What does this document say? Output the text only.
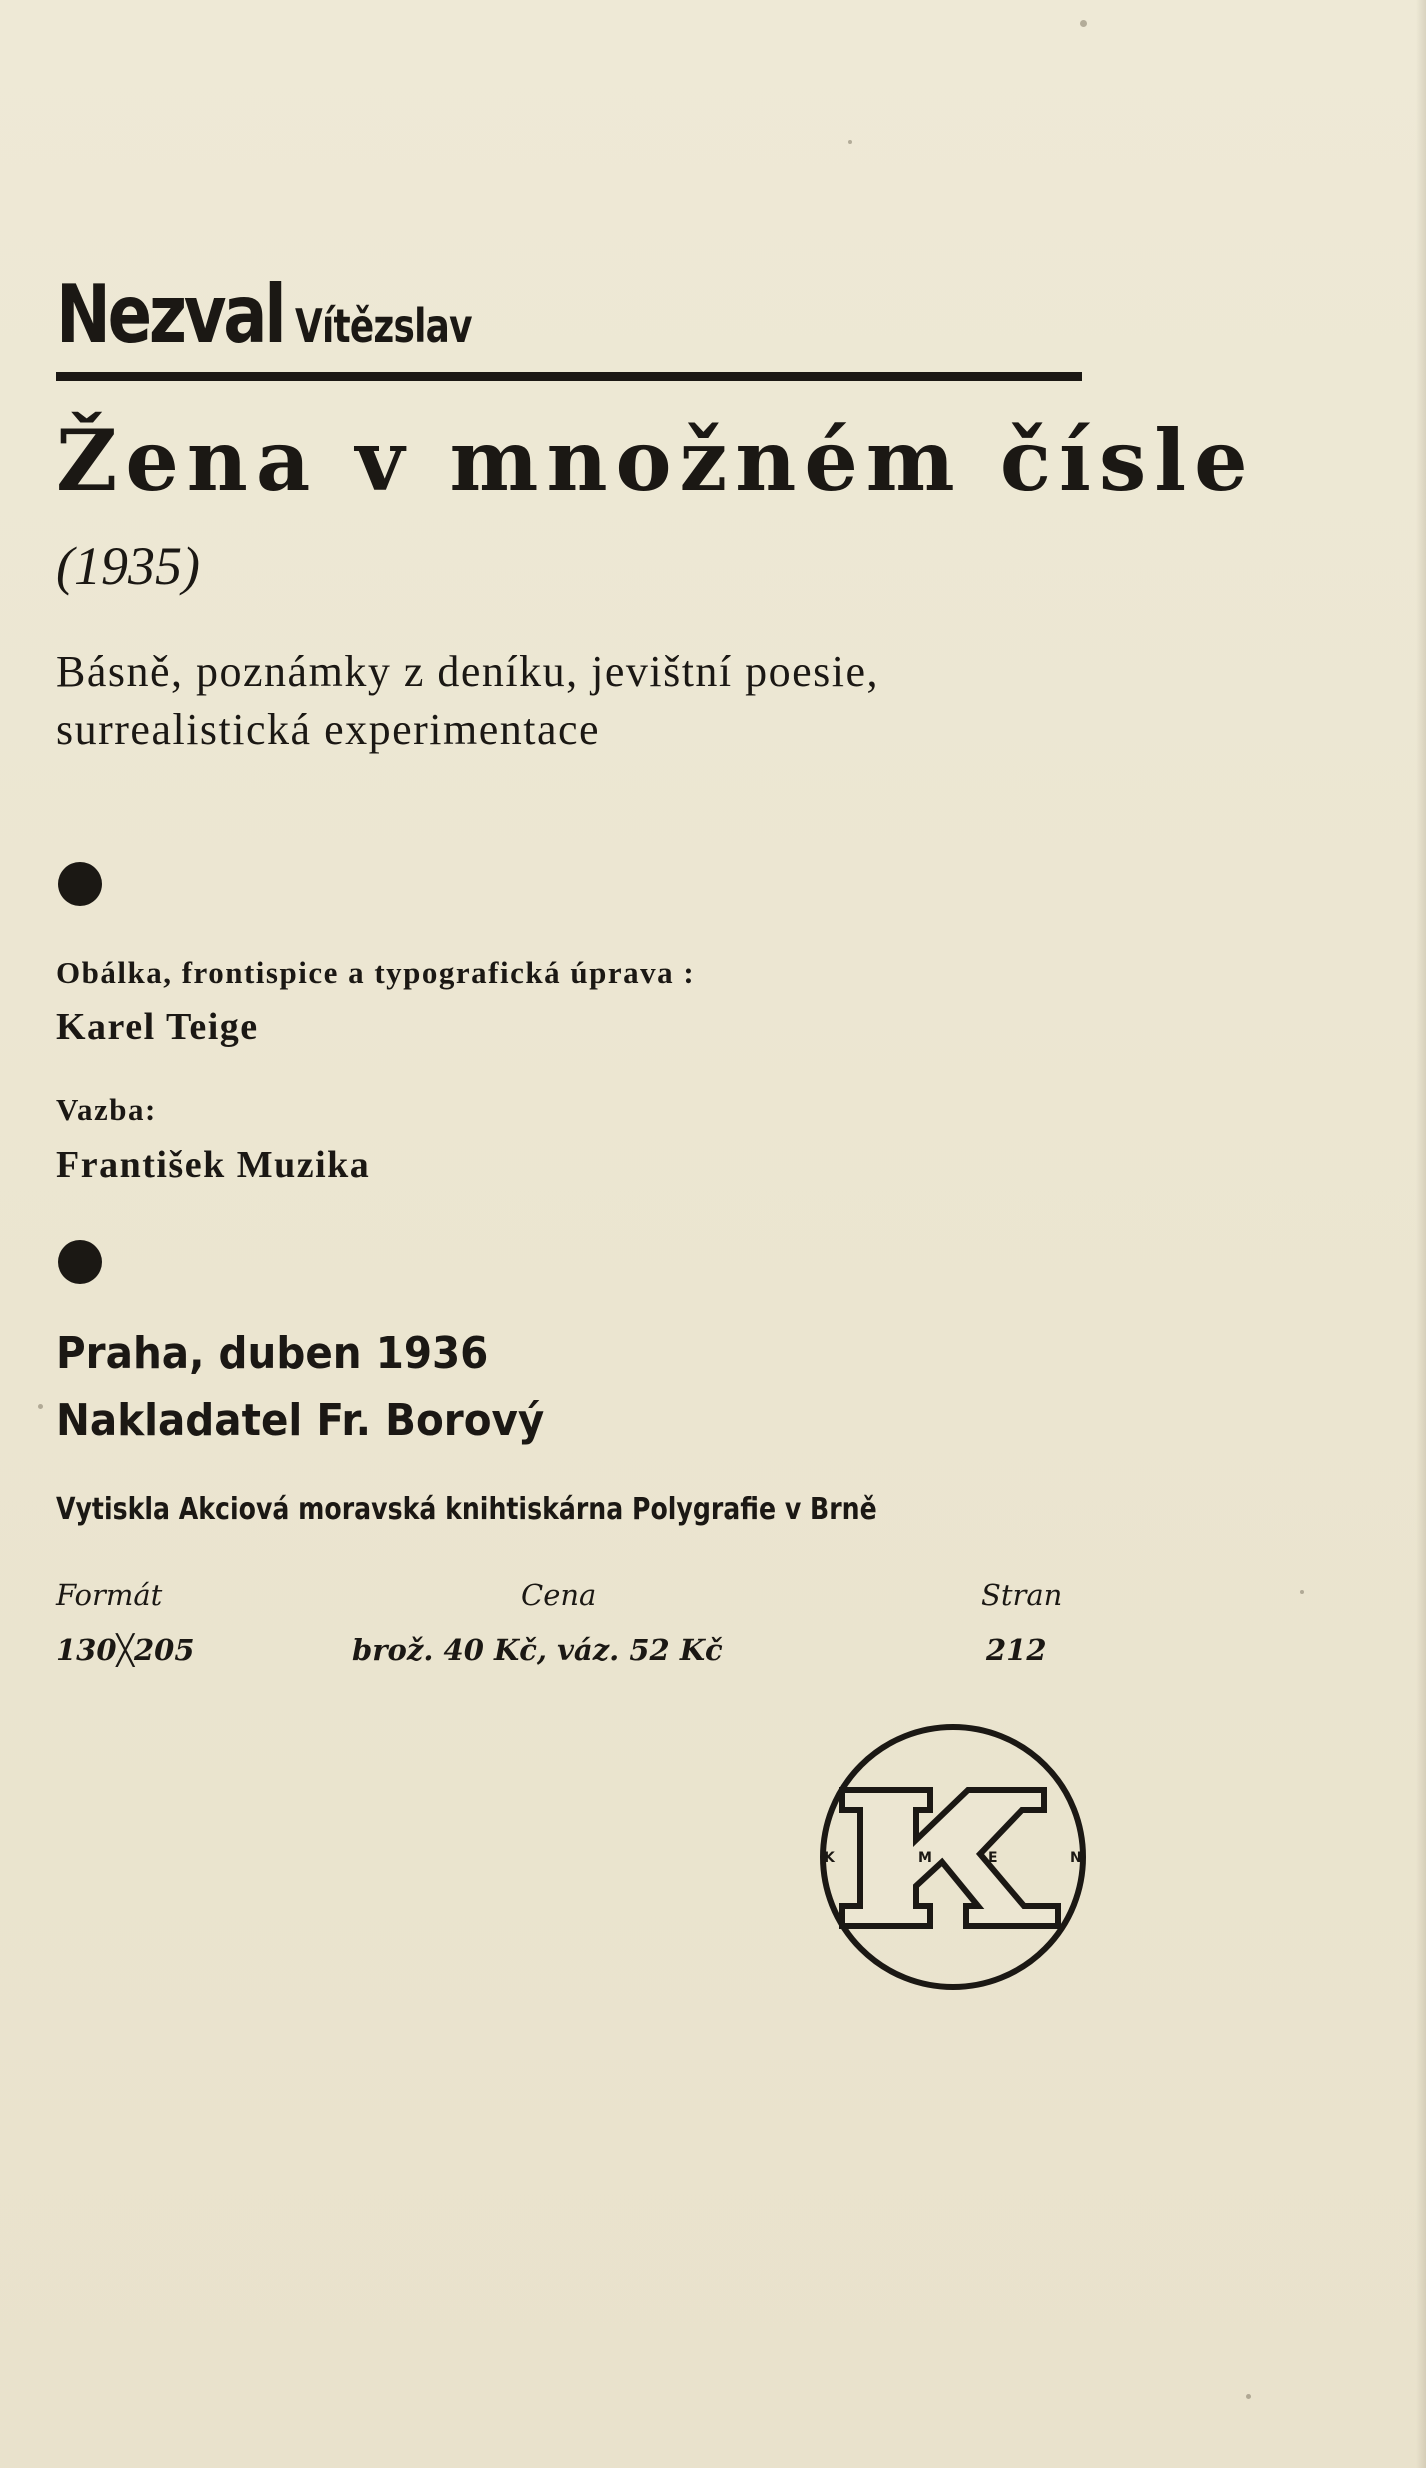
Nezval Vítězslav
Žena v množném čísle
(1935)
Básně, poznámky z deníku, jevištní poesie,
surrealistická experimentace
Obálka, frontispice a typografická úprava :
Karel Teige
Vazba:
František Muzika
Praha, duben 1936
Nakladatel Fr. Borový
Vytiskla Akciová moravská knihtiskárna Polygrafie v Brně
Formát	Cena	Stran
130╳205	brož. 40 Kč, váz. 52 Kč	212
K	M	E	N
